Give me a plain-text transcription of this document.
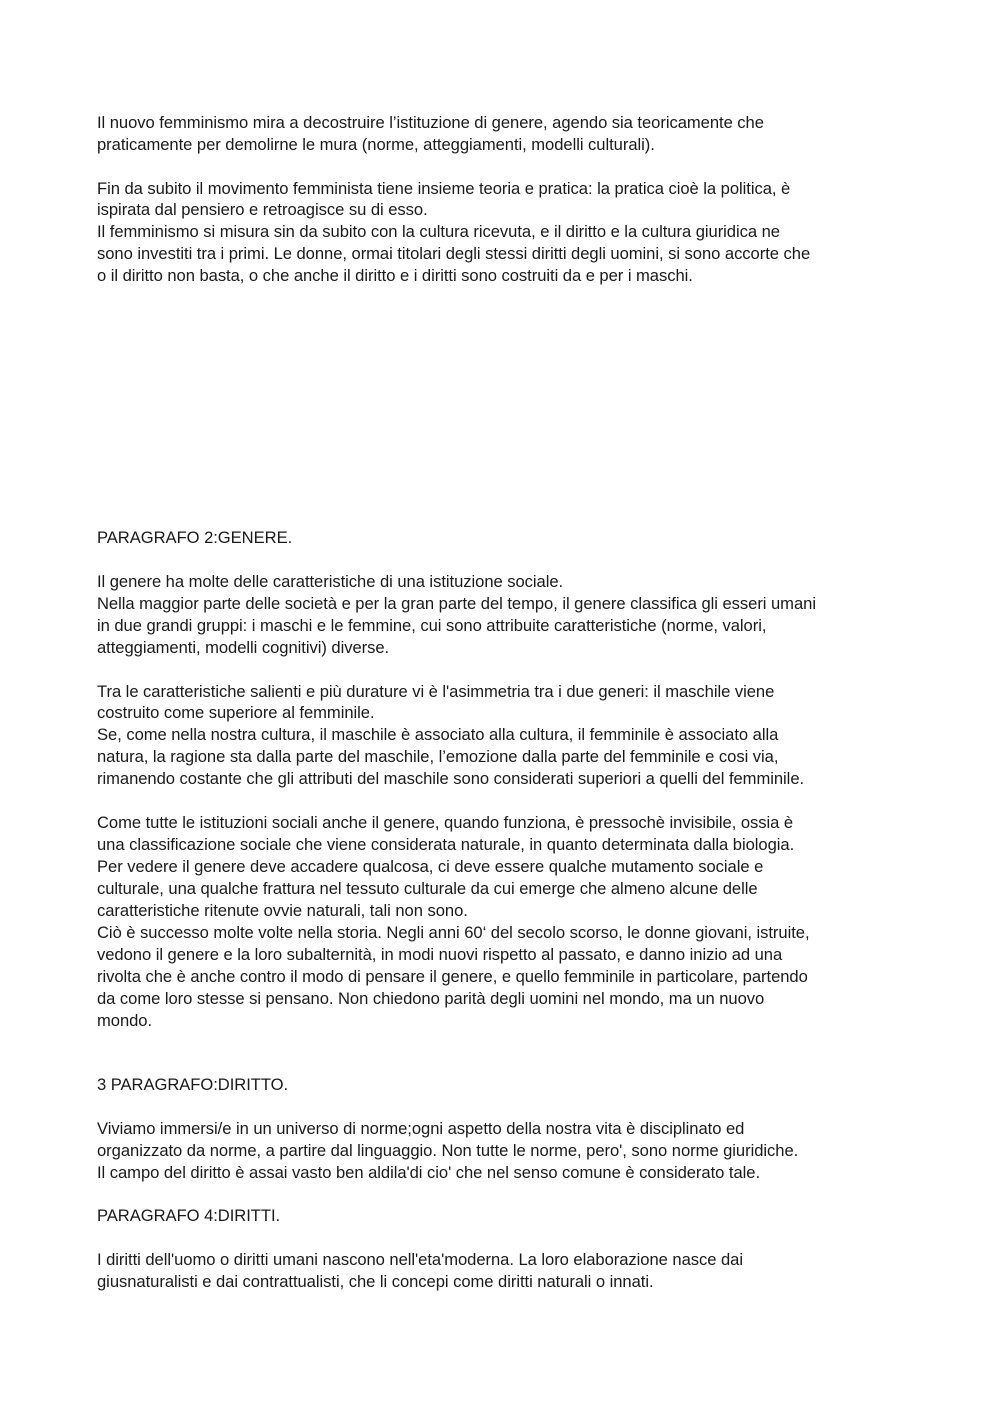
Il nuovo femminismo mira a decostruire l’istituzione di genere, agendo sia teoricamente che

praticamente per demolirne le mura (norme, atteggiamenti, modelli culturali).

Fin da subito il movimento femminista tiene insieme teoria e pratica: la pratica cioè la politica, è

ispirata dal pensiero e retroagisce su di esso.

Il femminismo si misura sin da subito con la cultura ricevuta, e il diritto e la cultura giuridica ne

sono investiti tra i primi. Le donne, ormai titolari degli stessi diritti degli uomini, si sono accorte che

o il diritto non basta, o che anche il diritto e i diritti sono costruiti da e per i maschi.

PARAGRAFO 2:GENERE.

Il genere ha molte delle caratteristiche di una istituzione sociale.

Nella maggior parte delle società e per la gran parte del tempo, il genere classifica gli esseri umani

in due grandi gruppi: i maschi e le femmine, cui sono attribuite caratteristiche (norme, valori,

atteggiamenti, modelli cognitivi) diverse.

Tra le caratteristiche salienti e più durature vi è l'asimmetria tra i due generi: il maschile viene

costruito come superiore al femminile.

Se, come nella nostra cultura, il maschile è associato alla cultura, il femminile è associato alla

natura, la ragione sta dalla parte del maschile, l’emozione dalla parte del femminile e cosi via,

rimanendo costante che gli attributi del maschile sono considerati superiori a quelli del femminile.

Come tutte le istituzioni sociali anche il genere, quando funziona, è pressochè invisibile, ossia è

una classificazione sociale che viene considerata naturale, in quanto determinata dalla biologia.

Per vedere il genere deve accadere qualcosa, ci deve essere qualche mutamento sociale e

culturale, una qualche frattura nel tessuto culturale da cui emerge che almeno alcune delle

caratteristiche ritenute ovvie naturali, tali non sono.

Ciò è successo molte volte nella storia. Negli anni 60‘ del secolo scorso, le donne giovani, istruite,

vedono il genere e la loro subalternità, in modi nuovi rispetto al passato, e danno inizio ad una

rivolta che è anche contro il modo di pensare il genere, e quello femminile in particolare, partendo

da come loro stesse si pensano. Non chiedono parità degli uomini nel mondo, ma un nuovo

mondo.

3 PARAGRAFO:DIRITTO.

Viviamo immersi/e in un universo di norme;ogni aspetto della nostra vita è disciplinato ed

organizzato da norme, a partire dal linguaggio. Non tutte le norme, pero', sono norme giuridiche.

Il campo del diritto è assai vasto ben aldila'di cio' che nel senso comune è considerato tale.

PARAGRAFO 4:DIRITTI.

I diritti dell'uomo o diritti umani nascono nell'eta'moderna. La loro elaborazione nasce dai

giusnaturalisti e dai contrattualisti, che li concepi come diritti naturali o innati.
